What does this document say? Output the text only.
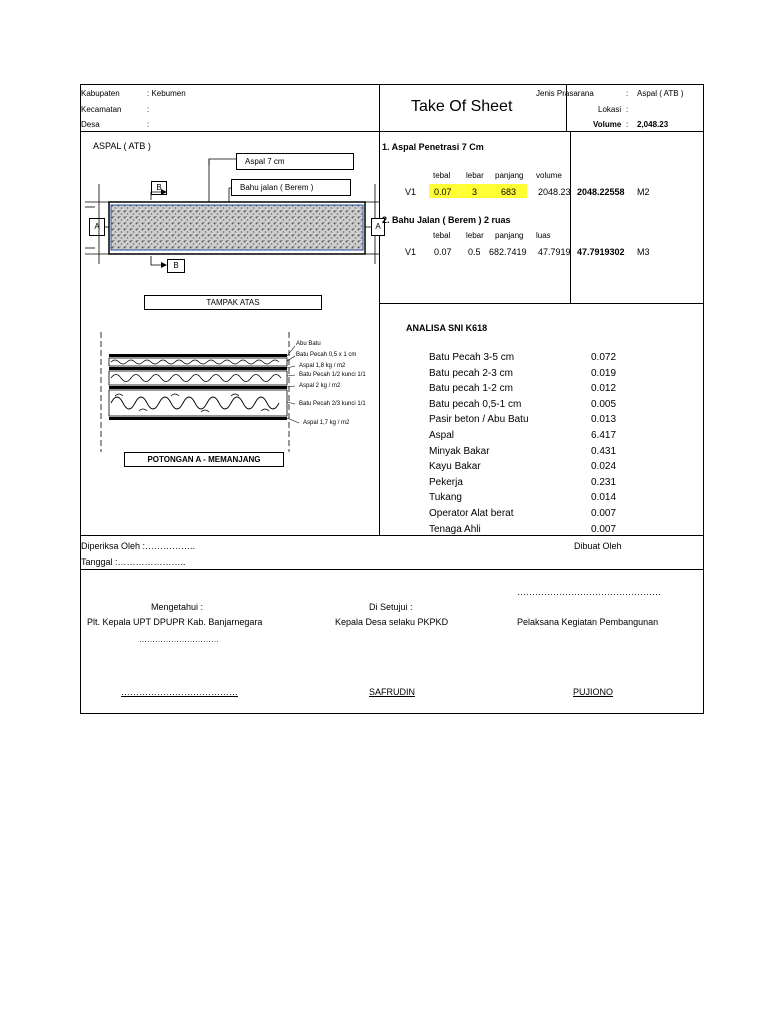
Kabupaten	: Kebumen
Kecamatan	:
Desa	:
Take Of Sheet
Jenis Prasarana	: Aspal ( ATB )
Lokasi :
Volume : 2,048.23
ASPAL ( ATB )
Aspal 7 cm
Bahu jalan ( Berem )
B
B
A	A
TAMPAK ATAS
Abu Batu
Batu Pecah 0,5 x 1 cm
Aspal 1,8 kg / m2
Batu Pecah 1/2 kunci 1/1
Aspal 2 kg / m2
Batu Pecah 2/3 kunci 1/1
Aspal 1,7 kg / m2
POTONGAN A - MEMANJANG
1. Aspal Penetrasi 7 Cm
tebal lebar panjang volume
V1 0.07 3	683 2048.23 2048.22558 M2
2. Bahu Jalan ( Berem ) 2 ruas
tebal lebar panjang luas
V1 0.07 0.5 682.7419 47.7919 47.7919302 M3
ANALISA SNI K618
Batu Pecah 3-5 cm	0.072
Batu pecah 2-3 cm	0.019
Batu pecah 1-2 cm	0.012
Batu pecah 0,5-1 cm	0.005
Pasir beton / Abu Batu	0.013
Aspal	6.417
Minyak Bakar	0.431
Kayu Bakar	0.024
Pekerja	0.231
Tukang	0.014
Operator Alat berat	0.007
Tenaga Ahli	0.007
Diperiksa Oleh :……………..	Dibuat Oleh
Tanggal :…………………..
…………………………………………
Mengetahui :
Plt. Kepala UPT DPUPR Kab. Banjarnegara
…………………………
Di Setujui :
Kepala Desa selaku PKPKD	Pelaksana Kegiatan Pembangunan
…………………………………	SAFRUDIN	PUJIONO
